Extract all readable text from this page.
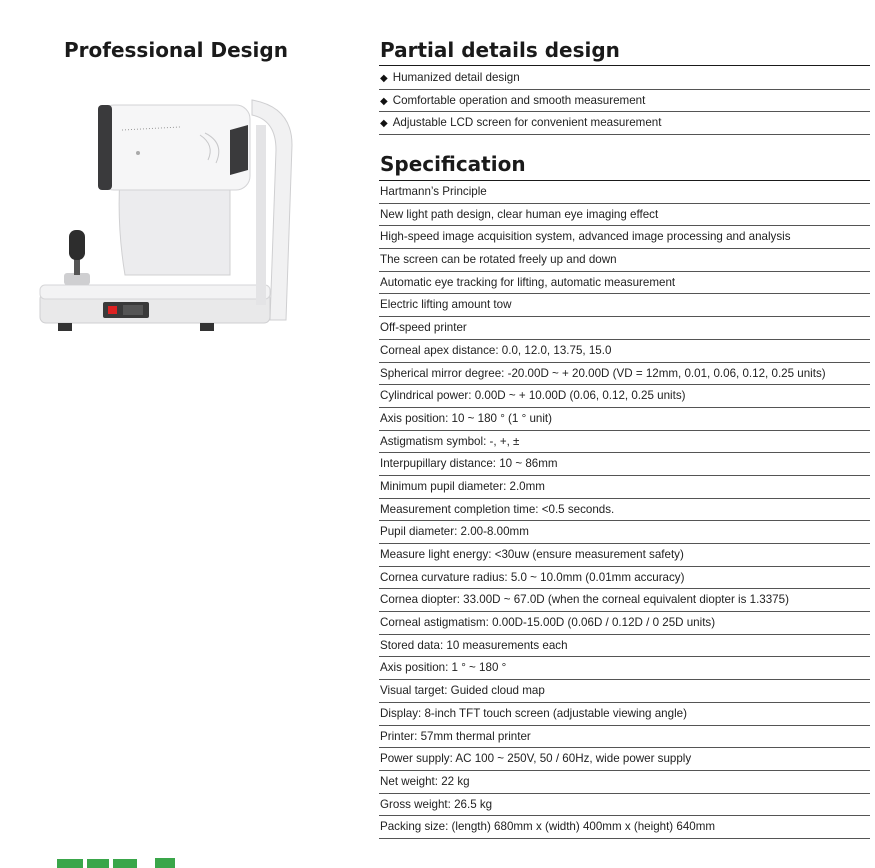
Professional Design	Partial details design
◆ Humanized detail design
◆ Comfortable operation and smooth measurement
◆ Adjustable LCD screen for convenient measurement
Specification
Hartmann’s Principle
New light path design, clear human eye imaging effect
High-speed image acquisition system, advanced image processing and analysis
The screen can be rotated freely up and down
Automatic eye tracking for lifting, automatic measurement
Electric lifting amount tow
Off-speed printer
Corneal apex distance: 0.0, 12.0, 13.75, 15.0
Spherical mirror degree: -20.00D ~ + 20.00D (VD = 12mm, 0.01, 0.06, 0.12, 0.25 units)
Cylindrical power: 0.00D ~ + 10.00D (0.06, 0.12, 0.25 units)
Axis position: 10 ~ 180 ° (1 ° unit)
Astigmatism symbol: -, +, ±
Interpupillary distance: 10 ~ 86mm
Minimum pupil diameter: 2.0mm
Measurement completion time: <0.5 seconds.
Pupil diameter: 2.00-8.00mm
Measure light energy: <30uw (ensure measurement safety)
Cornea curvature radius: 5.0 ~ 10.0mm (0.01mm accuracy)
Cornea diopter: 33.00D ~ 67.0D (when the corneal equivalent diopter is 1.3375)
Corneal astigmatism: 0.00D-15.00D (0.06D / 0.12D / 0 25D units)
Stored data: 10 measurements each
Axis position: 1 ° ~ 180 °
Visual target: Guided cloud map
Display: 8-inch TFT touch screen (adjustable viewing angle)
Printer: 57mm thermal printer
Power supply: AC 100 ~ 250V, 50 / 60Hz, wide power supply
Net weight: 22 kg
Gross weight: 26.5 kg
Packing size: (length) 680mm x (width) 400mm x (height) 640mm
